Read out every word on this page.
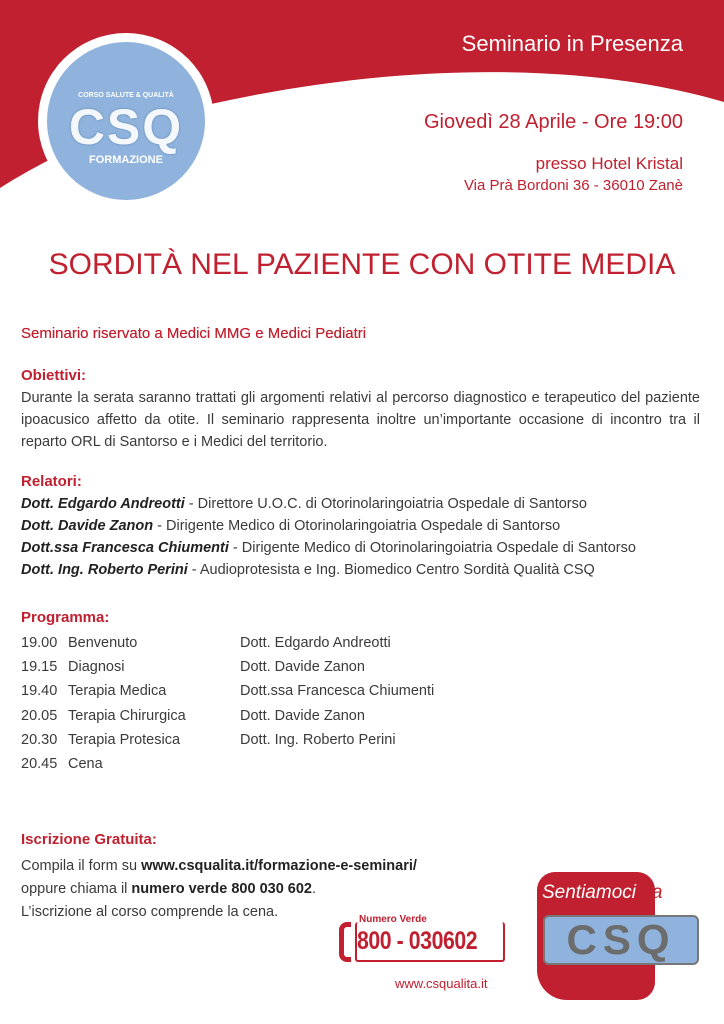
CORSO SALUTE & QUALITÀ
CSQ
FORMAZIONE
Seminario in Presenza
Giovedì 28 Aprile - Ore 19:00
presso Hotel Kristal
Via Prà Bordoni 36 - 36010 Zanè
SORDITÀ NEL PAZIENTE CON OTITE MEDIA
Seminario riservato a Medici MMG e Medici Pediatri
Obiettivi:
Durante la serata saranno trattati gli argomenti relativi al percorso diagnostico e terapeutico del paziente ipoacusico affetto da otite. Il seminario rappresenta inoltre un’importante occasione di incontro tra il reparto ORL di Santorso e i Medici del territorio.
Relatori:
Dott. Edgardo Andreotti - Direttore U.O.C. di Otorinolaringoiatria Ospedale di Santorso
Dott. Davide Zanon - Dirigente Medico di Otorinolaringoiatria Ospedale di Santorso
Dott.ssa Francesca Chiumenti - Dirigente Medico di Otorinolaringoiatria Ospedale di Santorso
Dott. Ing. Roberto Perini - Audioprotesista e Ing. Biomedico Centro Sordità Qualità CSQ
Programma:
19.00 Benvenuto	Dott. Edgardo Andreotti
19.15 Diagnosi	Dott. Davide Zanon
19.40 Terapia Medica	Dott.ssa Francesca Chiumenti
20.05 Terapia Chirurgica	Dott. Davide Zanon
20.30 Terapia Protesica	Dott. Ing. Roberto Perini
20.45 Cena
Iscrizione Gratuita:
Compila il form su www.csqualita.it/formazione-e-seminari/
oppure chiama il numero verde 800 030 602.
L’iscrizione al corso comprende la cena.	Numero Verde
800 - 030602
www.csqualita.it
Sentiamoci da
CSQ
